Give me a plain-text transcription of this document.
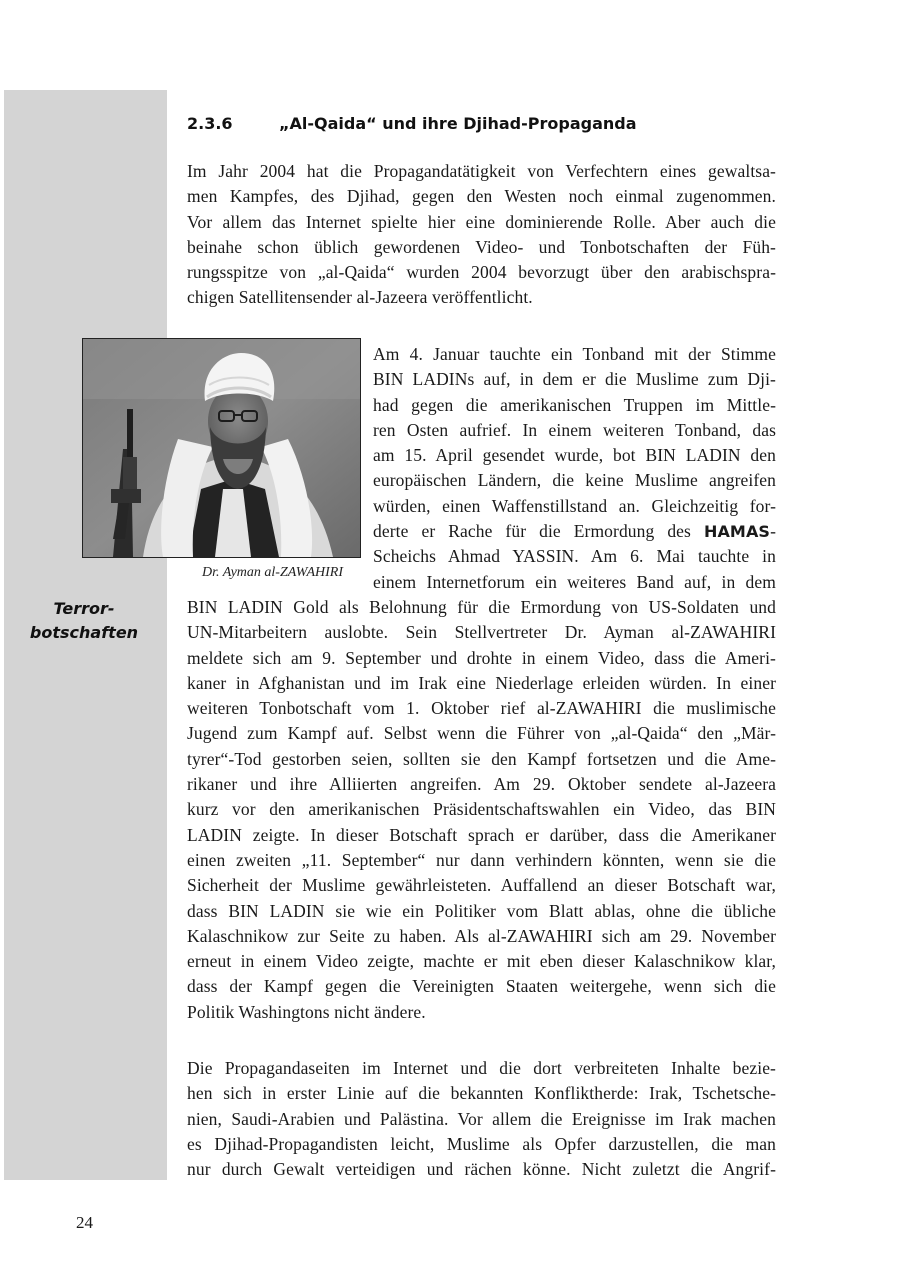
2.3.6	„Al-Qaida“ und ihre Djihad-Propaganda
Im Jahr 2004 hat die Propagandatätigkeit von Verfechtern eines gewaltsa-
men Kampfes, des Djihad, gegen den Westen noch einmal zugenommen.
Vor allem das Internet spielte hier eine dominierende Rolle. Aber auch die
beinahe schon üblich gewordenen Video- und Tonbotschaften der Füh-
rungsspitze von „al-Qaida“ wurden 2004 bevorzugt über den arabischspra-
chigen Satellitensender al-Jazeera veröffentlicht.
Dr. Ayman al-ZAWAHIRI
Am 4. Januar tauchte ein Tonband mit der Stimme
BIN LADINs auf, in dem er die Muslime zum Dji-
had gegen die amerikanischen Truppen im Mittle-
ren Osten aufrief. In einem weiteren Tonband, das
am 15. April gesendet wurde, bot BIN LADIN den
europäischen Ländern, die keine Muslime angreifen
würden, einen Waffenstillstand an. Gleichzeitig for-
derte er Rache für die Ermordung des HAMAS-
Scheichs Ahmad YASSIN. Am 6. Mai tauchte in
einem Internetforum ein weiteres Band auf, in dem
Terror-
botschaften
BIN LADIN Gold als Belohnung für die Ermordung von US-Soldaten und
UN-Mitarbeitern auslobte. Sein Stellvertreter Dr. Ayman al-ZAWAHIRI
meldete sich am 9. September und drohte in einem Video, dass die Ameri-
kaner in Afghanistan und im Irak eine Niederlage erleiden würden. In einer
weiteren Tonbotschaft vom 1. Oktober rief al-ZAWAHIRI die muslimische
Jugend zum Kampf auf. Selbst wenn die Führer von „al-Qaida“ den „Mär-
tyrer“-Tod gestorben seien, sollten sie den Kampf fortsetzen und die Ame-
rikaner und ihre Alliierten angreifen. Am 29. Oktober sendete al-Jazeera
kurz vor den amerikanischen Präsidentschaftswahlen ein Video, das BIN
LADIN zeigte. In dieser Botschaft sprach er darüber, dass die Amerikaner
einen zweiten „11. September“ nur dann verhindern könnten, wenn sie die
Sicherheit der Muslime gewährleisteten. Auffallend an dieser Botschaft war,
dass BIN LADIN sie wie ein Politiker vom Blatt ablas, ohne die übliche
Kalaschnikow zur Seite zu haben. Als al-ZAWAHIRI sich am 29. November
erneut in einem Video zeigte, machte er mit eben dieser Kalaschnikow klar,
dass der Kampf gegen die Vereinigten Staaten weitergehe, wenn sich die
Politik Washingtons nicht ändere.
Die Propagandaseiten im Internet und die dort verbreiteten Inhalte bezie-
hen sich in erster Linie auf die bekannten Konfliktherde: Irak, Tschetsche-
nien, Saudi-Arabien und Palästina. Vor allem die Ereignisse im Irak machen
es Djihad-Propagandisten leicht, Muslime als Opfer darzustellen, die man
nur durch Gewalt verteidigen und rächen könne. Nicht zuletzt die Angrif-
24
